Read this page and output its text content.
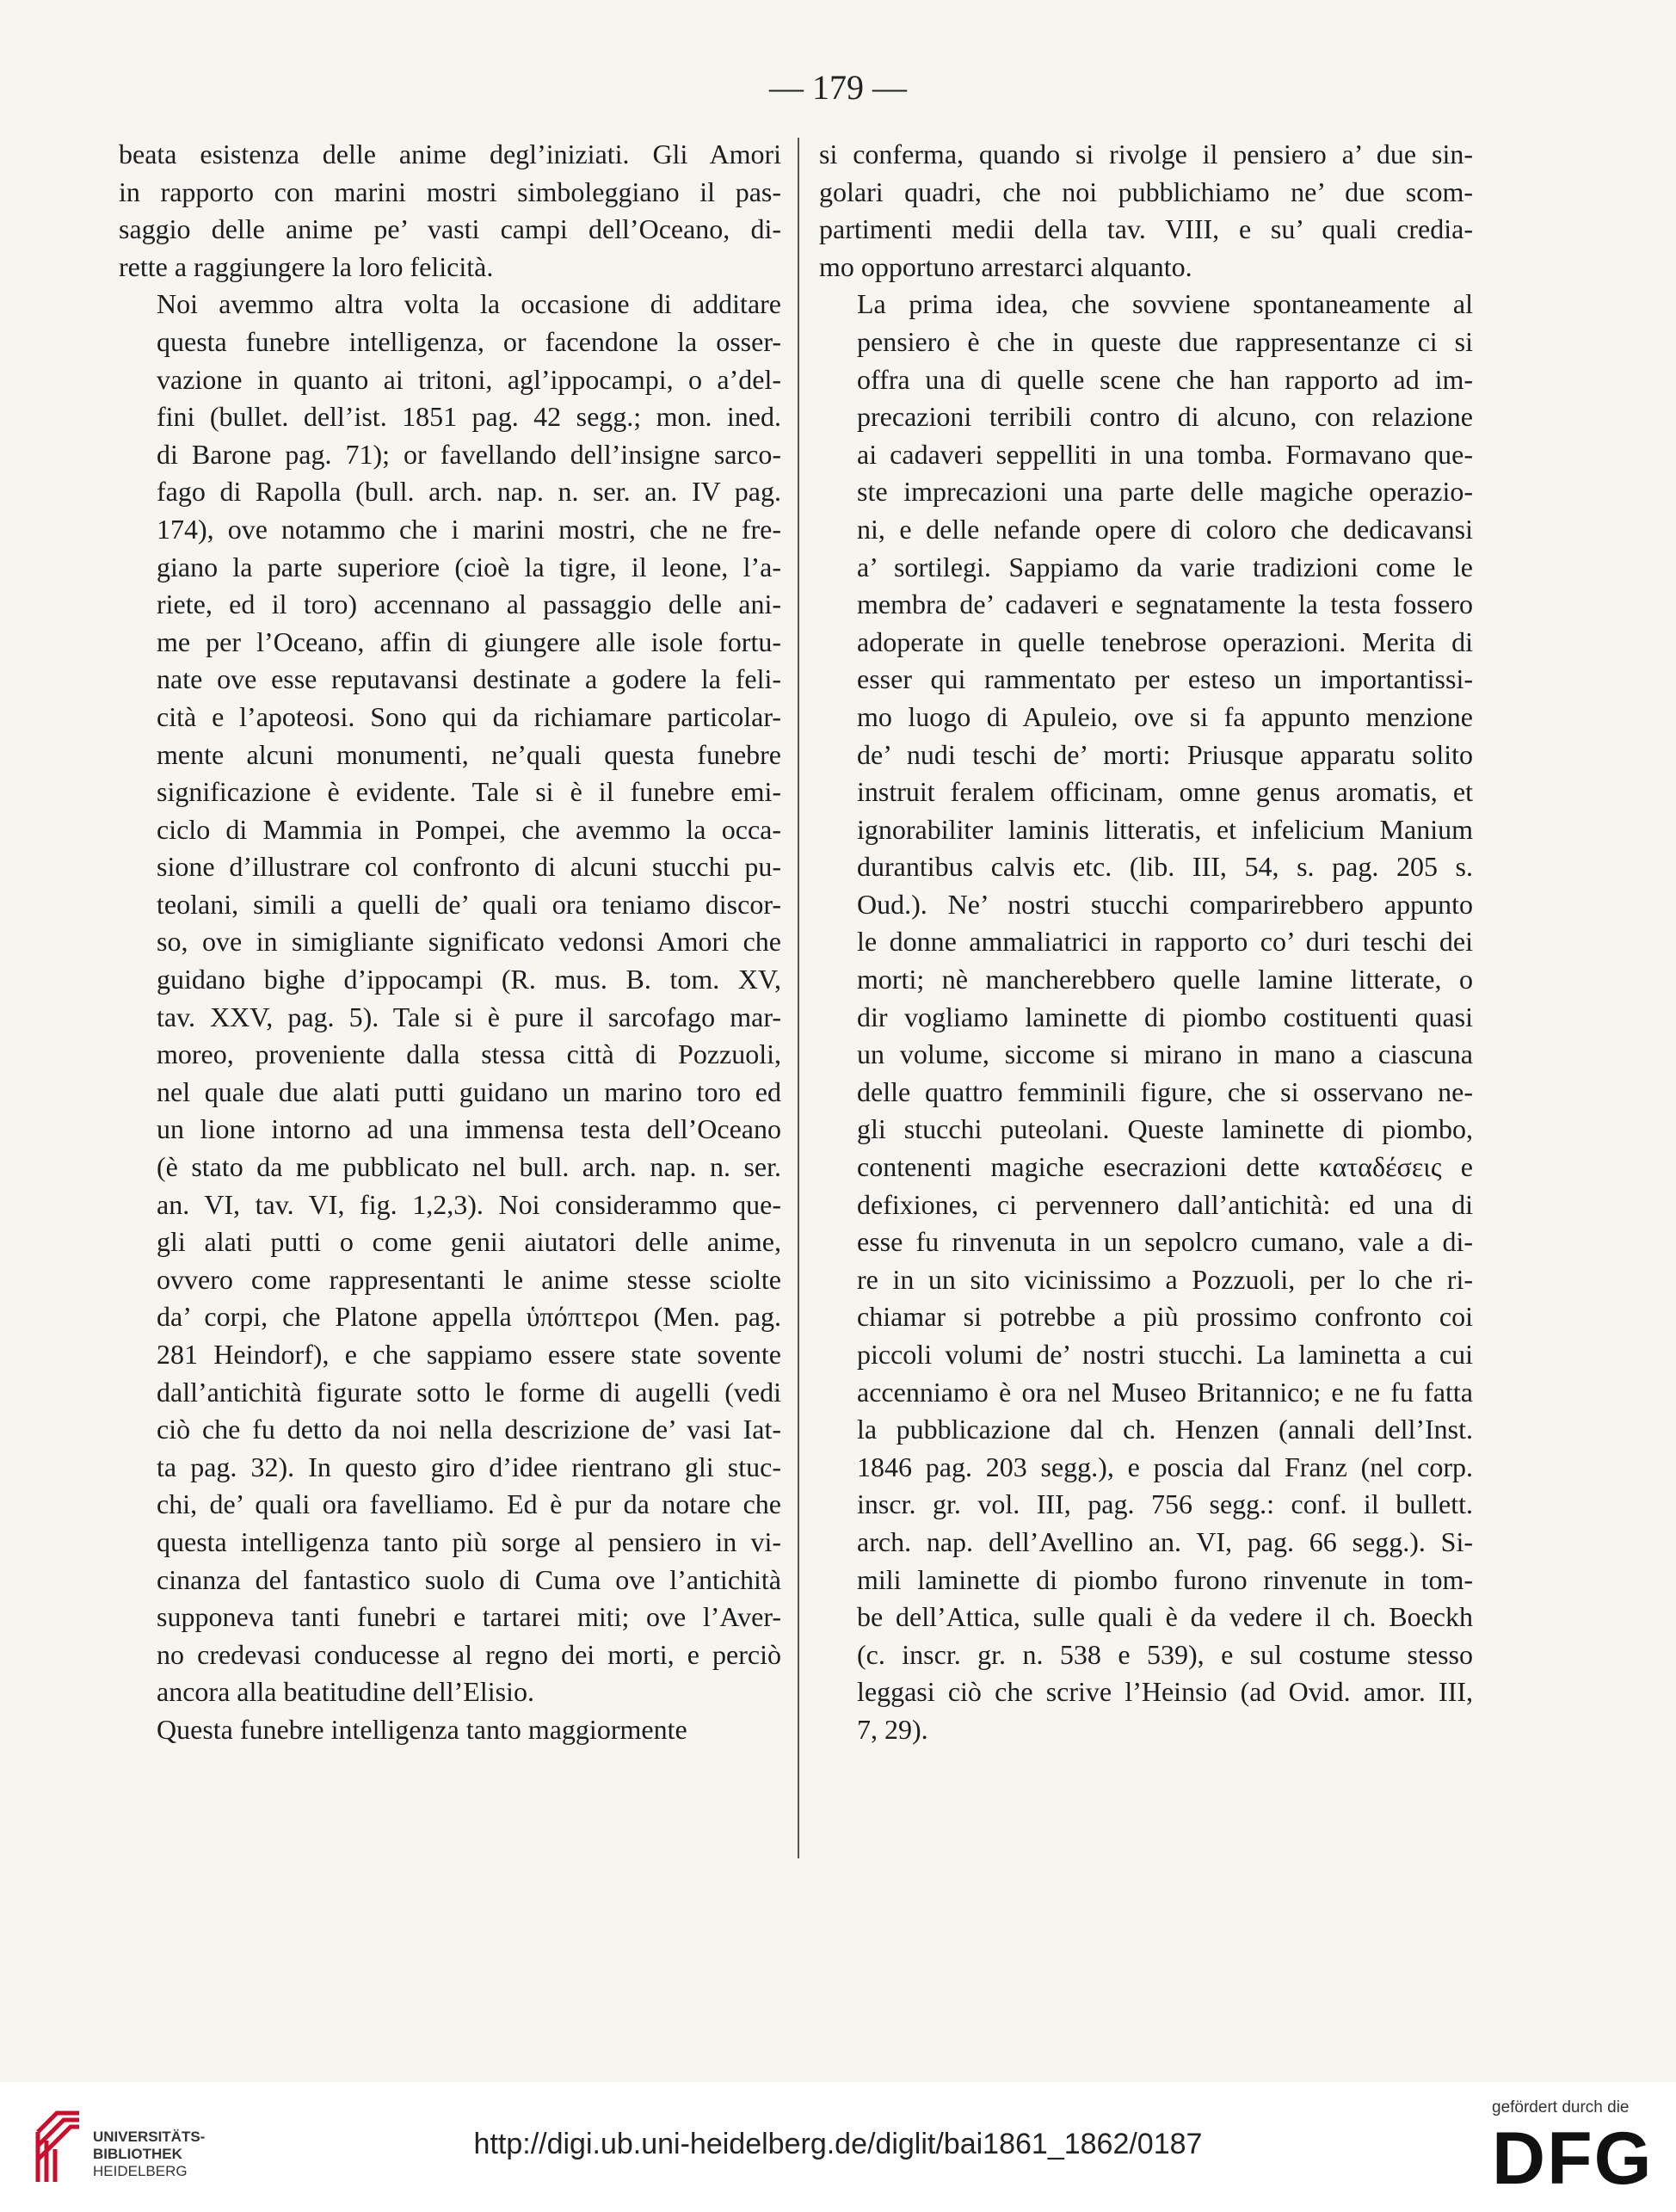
— 179 —

beata esistenza delle anime degl’iniziati. Gli Amori
in rapporto con marini mostri simboleggiano il pas-
saggio delle anime pe’ vasti campi dell’Oceano, di-
rette a raggiungere la loro felicità.

Noi avemmo altra volta la occasione di additare
questa funebre intelligenza, or facendone la osser-
vazione in quanto ai tritoni, agl’ippocampi, o a’del-
fini (bullet. dell’ist. 1851 pag. 42 segg.; mon. ined.
di Barone pag. 71); or favellando dell’insigne sarco-
fago di Rapolla (bull. arch. nap. n. ser. an. IV pag.
174), ove notammo che i marini mostri, che ne fre-
giano la parte superiore (cioè la tigre, il leone, l’a-
riete, ed il toro) accennano al passaggio delle ani-
me per l’Oceano, affin di giungere alle isole fortu-
nate ove esse reputavansi destinate a godere la feli-
cità e l’apoteosi. Sono qui da richiamare particolar-
mente alcuni monumenti, ne’quali questa funebre
significazione è evidente. Tale si è il funebre emi-
ciclo di Mammia in Pompei, che avemmo la occa-
sione d’illustrare col confronto di alcuni stucchi pu-
teolani, simili a quelli de’ quali ora teniamo discor-
so, ove in simigliante significato vedonsi Amori che
guidano bighe d’ippocampi (R. mus. B. tom. XV,
tav. XXV, pag. 5). Tale si è pure il sarcofago mar-
moreo, proveniente dalla stessa città di Pozzuoli,
nel quale due alati putti guidano un marino toro ed
un lione intorno ad una immensa testa dell’Oceano
(è stato da me pubblicato nel bull. arch. nap. n. ser.
an. VI, tav. VI, fig. 1,2,3). Noi considerammo que-
gli alati putti o come genii aiutatori delle anime,
ovvero come rappresentanti le anime stesse sciolte
da’ corpi, che Platone appella ὑπόπτεροι (Men. pag.
281 Heindorf), e che sappiamo essere state sovente
dall’antichità figurate sotto le forme di augelli (vedi
ciò che fu detto da noi nella descrizione de’ vasi Iat-
ta pag. 32). In questo giro d’idee rientrano gli stuc-
chi, de’ quali ora favelliamo. Ed è pur da notare che
questa intelligenza tanto più sorge al pensiero in vi-
cinanza del fantastico suolo di Cuma ove l’antichità
supponeva tanti funebri e tartarei miti; ove l’Aver-
no credevasi conducesse al regno dei morti, e perciò
ancora alla beatitudine dell’Elisio.

Questa funebre intelligenza tanto maggiormente

si conferma, quando si rivolge il pensiero a’ due sin-
golari quadri, che noi pubblichiamo ne’ due scom-
partimenti medii della tav. VIII, e su’ quali credia-
mo opportuno arrestarci alquanto.

La prima idea, che sovviene spontaneamente al
pensiero è che in queste due rappresentanze ci si
offra una di quelle scene che han rapporto ad im-
precazioni terribili contro di alcuno, con relazione
ai cadaveri seppelliti in una tomba. Formavano que-
ste imprecazioni una parte delle magiche operazio-
ni, e delle nefande opere di coloro che dedicavansi
a’ sortilegi. Sappiamo da varie tradizioni come le
membra de’ cadaveri e segnatamente la testa fossero
adoperate in quelle tenebrose operazioni. Merita di
esser qui rammentato per esteso un importantissi-
mo luogo di Apuleio, ove si fa appunto menzione
de’ nudi teschi de’ morti: Priusque apparatu solito
instruit feralem officinam, omne genus aromatis, et
ignorabiliter laminis litteratis, et infelicium Manium
durantibus calvis etc. (lib. III, 54, s. pag. 205 s.
Oud.). Ne’ nostri stucchi comparirebbero appunto
le donne ammaliatrici in rapporto co’ duri teschi dei
morti; nè mancherebbero quelle lamine litterate, o
dir vogliamo laminette di piombo costituenti quasi
un volume, siccome si mirano in mano a ciascuna
delle quattro femminili figure, che si osservano ne-
gli stucchi puteolani. Queste laminette di piombo,
contenenti magiche esecrazioni dette καταδέσεις e
defixiones, ci pervennero dall’antichità: ed una di
esse fu rinvenuta in un sepolcro cumano, vale a di-
re in un sito vicinissimo a Pozzuoli, per lo che ri-
chiamar si potrebbe a più prossimo confronto coi
piccoli volumi de’ nostri stucchi. La laminetta a cui
accenniamo è ora nel Museo Britannico; e ne fu fatta
la pubblicazione dal ch. Henzen (annali dell’Inst.
1846 pag. 203 segg.), e poscia dal Franz (nel corp.
inscr. gr. vol. III, pag. 756 segg.: conf. il bullett.
arch. nap. dell’Avellino an. VI, pag. 66 segg.). Si-
mili laminette di piombo furono rinvenute in tom-
be dell’Attica, sulle quali è da vedere il ch. Boeckh
(c. inscr. gr. n. 538 e 539), e sul costume stesso
leggasi ciò che scrive l’Heinsio (ad Ovid. amor. III,
7, 29).

UNIVERSITÄTS-
BIBLIOTHEK
HEIDELBERG
http://digi.ub.uni-heidelberg.de/diglit/bai1861_1862/0187
gefördert durch die
DFG
